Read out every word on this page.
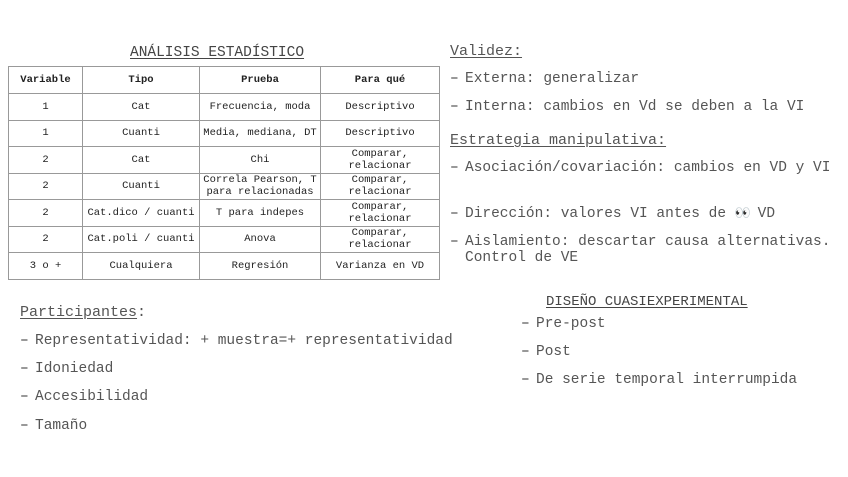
ANÁLISIS ESTADÍSTICO
Variable	Tipo	Prueba	Para qué
1	Cat	Frecuencia, moda	Descriptivo
1	Cuanti	Media, mediana, DT	Descriptivo
2	Cat	Chi	Comparar, relacionar
2	Cuanti	Correla Pearson, T para relacionadas	Comparar, relacionar
2	Cat.dico / cuanti	T para indepes	Comparar, relacionar
2	Cat.poli / cuanti	Anova	Comparar, relacionar
3 o +	Cualquiera	Regresión	Varianza en VD
Validez:
– Externa: generalizar
– Interna: cambios en Vd se deben a la VI
Estrategia manipulativa:
– Asociación/covariación: cambios en VD y VI
– Dirección: valores VI antes de 👀 VD
– Aislamiento: descartar causa alternativas. Control de VE
Participantes:
– Representatividad: + muestra=+ representatividad
– Idoniedad
– Accesibilidad
– Tamaño
DISEÑO CUASIEXPERIMENTAL
– Pre-post
– Post
– De serie temporal interrumpida
